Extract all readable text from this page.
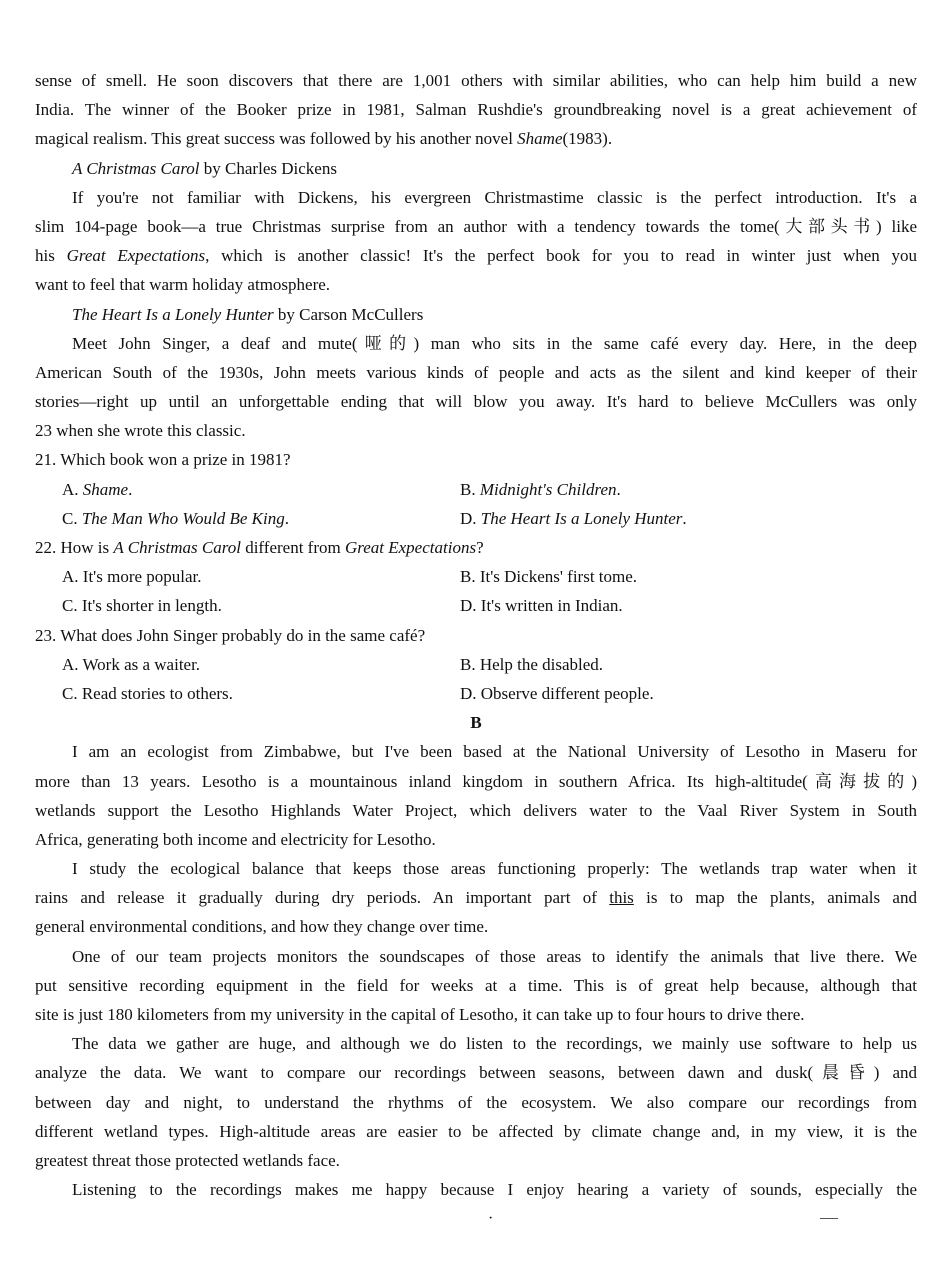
sense of smell. He soon discovers that there are 1,001 others with similar abilities, who can help him build a new
India. The winner of the Booker prize in 1981, Salman Rushdie's groundbreaking novel is a great achievement of
magical realism. This great success was followed by his another novel Shame(1983).
A Christmas Carol by Charles Dickens
If you're not familiar with Dickens, his evergreen Christmastime classic is the perfect introduction. It's a
slim 104-page book—a true Christmas surprise from an author with a tendency towards the tome(大部头书) like
his Great Expectations, which is another classic! It's the perfect book for you to read in winter just when you
want to feel that warm holiday atmosphere.
The Heart Is a Lonely Hunter by Carson McCullers
Meet John Singer, a deaf and mute(哑的) man who sits in the same café every day. Here, in the deep
American South of the 1930s, John meets various kinds of people and acts as the silent and kind keeper of their
stories—right up until an unforgettable ending that will blow you away. It's hard to believe McCullers was only
23 when she wrote this classic.
21. Which book won a prize in 1981?
A. Shame.	B. Midnight's Children.
C. The Man Who Would Be King.	D. The Heart Is a Lonely Hunter.
22. How is A Christmas Carol different from Great Expectations?
A. It's more popular.	B. It's Dickens' first tome.
C. It's shorter in length.	D. It's written in Indian.
23. What does John Singer probably do in the same café?
A. Work as a waiter.	B. Help the disabled.
C. Read stories to others.	D. Observe different people.
B
I am an ecologist from Zimbabwe, but I've been based at the National University of Lesotho in Maseru for
more than 13 years. Lesotho is a mountainous inland kingdom in southern Africa. Its high-altitude(高海拔的)
wetlands support the Lesotho Highlands Water Project, which delivers water to the Vaal River System in South
Africa, generating both income and electricity for Lesotho.
I study the ecological balance that keeps those areas functioning properly: The wetlands trap water when it
rains and release it gradually during dry periods. An important part of this is to map the plants, animals and
general environmental conditions, and how they change over time.
One of our team projects monitors the soundscapes of those areas to identify the animals that live there. We
put sensitive recording equipment in the field for weeks at a time. This is of great help because, although that
site is just 180 kilometers from my university in the capital of Lesotho, it can take up to four hours to drive there.
The data we gather are huge, and although we do listen to the recordings, we mainly use software to help us
analyze the data. We want to compare our recordings between seasons, between dawn and dusk(晨昏) and
between day and night, to understand the rhythms of the ecosystem. We also compare our recordings from
different wetland types. High-altitude areas are easier to be affected by climate change and, in my view, it is the
greatest threat those protected wetlands face.
Listening to the recordings makes me happy because I enjoy hearing a variety of sounds, especially the
·
